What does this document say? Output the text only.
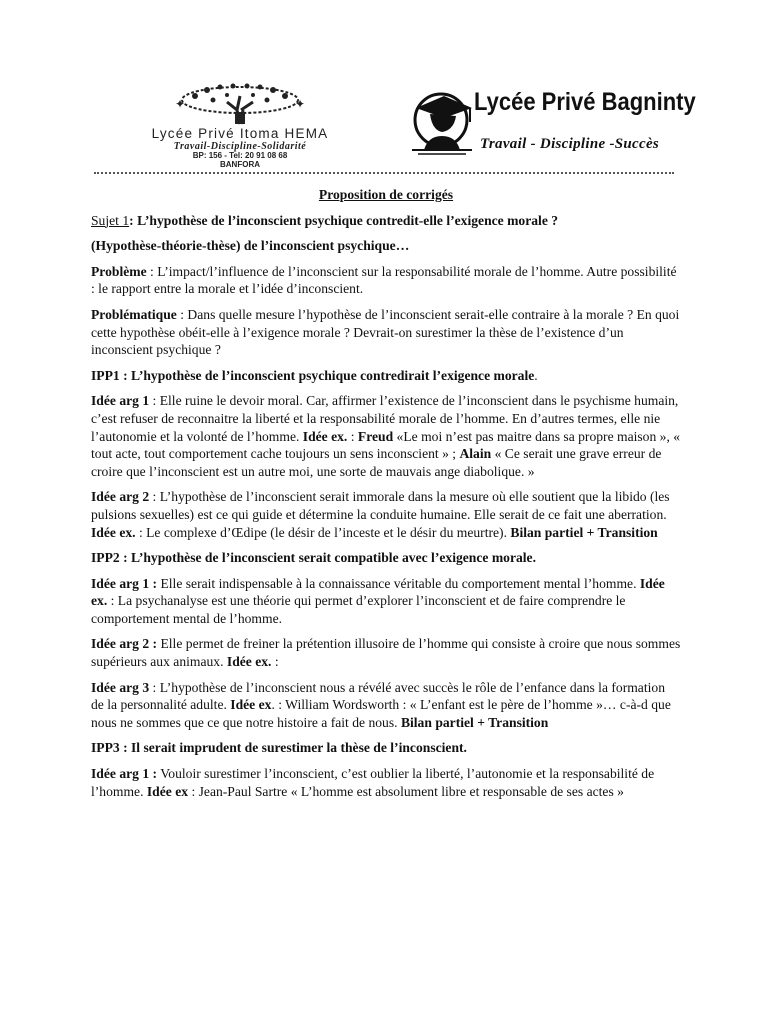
✦	✦
Lycée Privé Itoma HEMA
Travail-Discipline-Solidarité
BP: 156 - Tel: 20 91 08 68
BANFORA
Lycée Privé Bagninty
Travail - Discipline -Succès

Proposition de corrigés

Sujet 1: L’hypothèse de l’inconscient psychique contredit-elle l’exigence morale ?

(Hypothèse-théorie-thèse) de l’inconscient psychique…

Problème : L’impact/l’influence de l’inconscient sur la responsabilité morale de l’homme. Autre possibilité : le rapport entre la morale et l’idée d’inconscient.

Problématique : Dans quelle mesure l’hypothèse de l’inconscient serait-elle contraire à la morale ? En quoi cette hypothèse obéit-elle à l’exigence morale ? Devrait-on surestimer la thèse de l’existence d’un inconscient psychique ?

IPP1 : L’hypothèse de l’inconscient psychique contredirait l’exigence morale.

Idée arg 1 : Elle ruine le devoir moral. Car, affirmer l’existence de l’inconscient dans le psychisme humain, c’est refuser de reconnaitre la liberté et la responsabilité morale de l’homme. En d’autres termes, elle nie l’autonomie et la volonté de l’homme. Idée ex. : Freud «Le moi n’est pas maitre dans sa propre maison », « tout acte, tout comportement cache toujours un sens inconscient » ; Alain « Ce serait une grave erreur de croire que l’inconscient est un autre moi, une sorte de mauvais ange diabolique. »

Idée arg 2 : L’hypothèse de l’inconscient serait immorale dans la mesure où elle soutient que la libido (les pulsions sexuelles) est ce qui guide et détermine la conduite humaine. Elle serait de ce fait une aberration. Idée ex. : Le complexe d’Œdipe (le désir de l’inceste et le désir du meurtre). Bilan partiel + Transition

IPP2 : L’hypothèse de l’inconscient serait compatible avec l’exigence morale.

Idée arg 1 : Elle serait indispensable à la connaissance véritable du comportement mental l’homme. Idée ex. : La psychanalyse est une théorie qui permet d’explorer l’inconscient et de faire comprendre le comportement mental de l’homme.

Idée arg 2 : Elle permet de freiner la prétention illusoire de l’homme qui consiste à croire que nous sommes supérieurs aux animaux. Idée ex. :

Idée arg 3 : L’hypothèse de l’inconscient nous a révélé avec succès le rôle de l’enfance dans la formation de la personnalité adulte. Idée ex. : William Wordsworth : « L’enfant est le père de l’homme »… c-à-d que nous ne sommes que ce que notre histoire a fait de nous. Bilan partiel + Transition

IPP3 : Il serait imprudent de surestimer la thèse de l’inconscient.

Idée arg 1 : Vouloir surestimer l’inconscient, c’est oublier la liberté, l’autonomie et la responsabilité de l’homme. Idée ex : Jean-Paul Sartre « L’homme est absolument libre et responsable de ses actes »
